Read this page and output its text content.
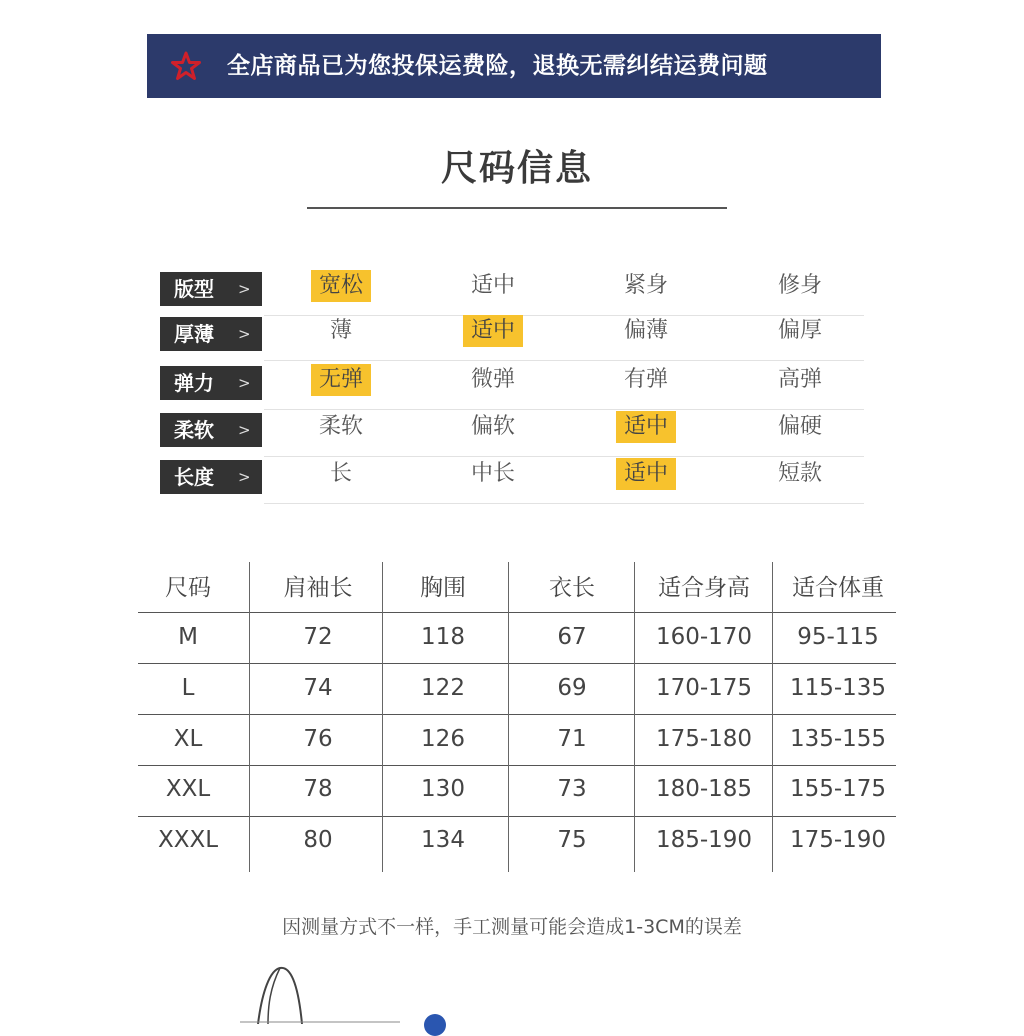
全店商品已为您投保运费险，退换无需纠结运费问题
尺码信息
版型 >	宽松	适中	紧身	修身
厚薄 >	薄	适中	偏薄	偏厚
弹力 >	无弹	微弹	有弹	高弹
柔软 >	柔软	偏软	适中	偏硬
长度 >	长	中长	适中	短款
尺码	肩袖长	胸围	衣长	适合身高	适合体重
M	72	118	67	160-170	95-115
L	74	122	69	170-175	115-135
XL	76	126	71	175-180	135-155
XXL	78	130	73	180-185	155-175
XXXL	80	134	75	185-190	175-190
因测量方式不一样，手工测量可能会造成1-3CM的误差
